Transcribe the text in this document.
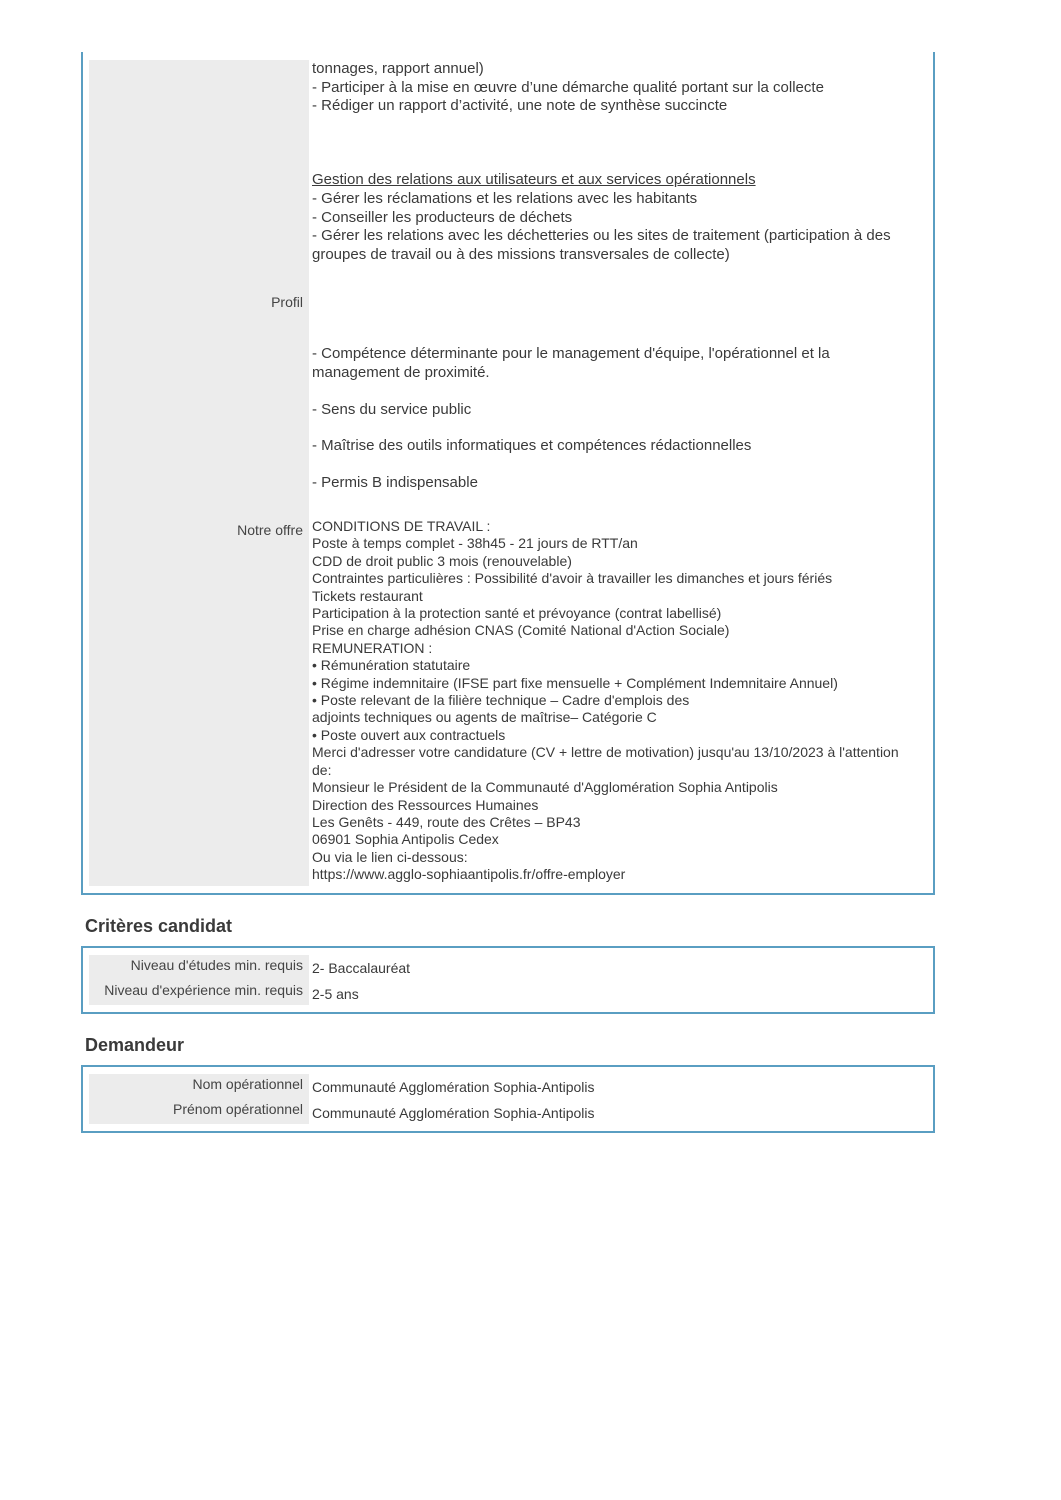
Profil
Notre offre
tonnages, rapport annuel)
- Participer à la mise en œuvre d’une démarche qualité portant sur la collecte
- Rédiger un rapport d’activité, une note de synthèse succincte
Gestion des relations aux utilisateurs et aux services opérationnels
- Gérer les réclamations et les relations avec les habitants
- Conseiller les producteurs de déchets
- Gérer les relations avec les déchetteries ou les sites de traitement (participation à des groupes de travail ou à des missions transversales de collecte)
- Compétence déterminante pour le management d'équipe, l'opérationnel et la management de proximité.
- Sens du service public
- Maîtrise des outils informatiques et compétences rédactionnelles
- Permis B indispensable
CONDITIONS DE TRAVAIL :
Poste à temps complet - 38h45 - 21 jours de RTT/an
CDD de droit public 3 mois (renouvelable)
Contraintes particulières : Possibilité d'avoir à travailler les dimanches et jours fériés
Tickets restaurant
Participation à la protection santé et prévoyance (contrat labellisé)
Prise en charge adhésion CNAS (Comité National d'Action Sociale)
REMUNERATION :
• Rémunération statutaire
• Régime indemnitaire (IFSE part fixe mensuelle + Complément Indemnitaire Annuel)
• Poste relevant de la filière technique – Cadre d'emplois des
adjoints techniques ou agents de maîtrise– Catégorie C
• Poste ouvert aux contractuels
Merci d'adresser votre candidature (CV + lettre de motivation) jusqu'au 13/10/2023 à l'attention
de:
Monsieur le Président de la Communauté d'Agglomération Sophia Antipolis
Direction des Ressources Humaines
Les Genêts - 449, route des Crêtes – BP43
06901 Sophia Antipolis Cedex
Ou via le lien ci-dessous:
https://www.agglo-sophiaantipolis.fr/offre-employer
Critères candidat
Niveau d'études min. requis
Niveau d'expérience min. requis
2- Baccalauréat
2-5 ans
Demandeur
Nom opérationnel
Prénom opérationnel
Communauté Agglomération Sophia-Antipolis
Communauté Agglomération Sophia-Antipolis
